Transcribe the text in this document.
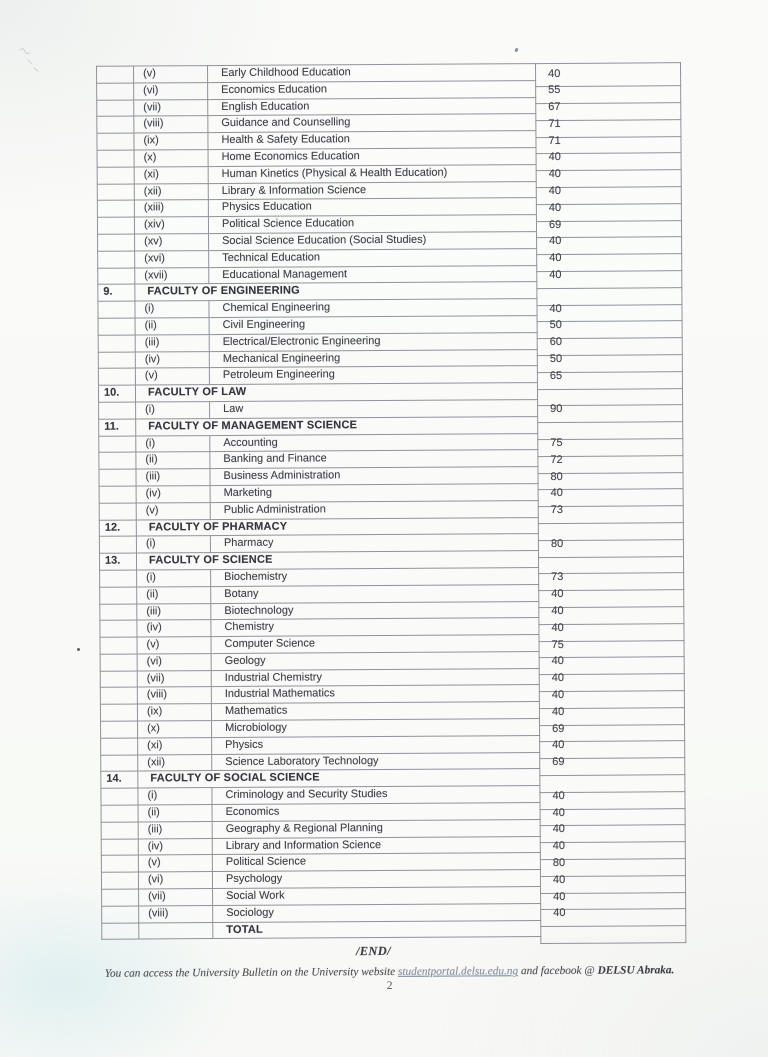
	(v)	Early Childhood Education	40

	(vi)	Economics Education	55

	(vii)	English Education	67

	(viii)	Guidance and Counselling	71

	(ix)	Health & Safety Education	71

	(x)	Home Economics Education	40

	(xi)	Human Kinetics (Physical & Health Education)	40

	(xii)	Library & Information Science	40

	(xiii)	Physics Education	40

	(xiv)	Political Science Education	69

	(xv)	Social Science Education (Social Studies)	40

	(xvi)	Technical Education	40

	(xvii)	Educational Management	40

9.	FACULTY OF ENGINEERING		
	(i)	Chemical Engineering	40

	(ii)	Civil Engineering	50

	(iii)	Electrical/Electronic Engineering	60

	(iv)	Mechanical Engineering	50

	(v)	Petroleum Engineering	65

10.	FACULTY OF LAW		
	(i)	Law	90

11.	FACULTY OF MANAGEMENT SCIENCE		
	(i)	Accounting	75

	(ii)	Banking and Finance	72

	(iii)	Business Administration	80

	(iv)	Marketing	40

	(v)	Public Administration	73

12.	FACULTY OF PHARMACY		
	(i)	Pharmacy	80

13.	FACULTY OF SCIENCE		
	(i)	Biochemistry	73

	(ii)	Botany	40

	(iii)	Biotechnology	40

	(iv)	Chemistry	40

	(v)	Computer Science	75

	(vi)	Geology	40

	(vii)	Industrial Chemistry	40

	(viii)	Industrial Mathematics	40

	(ix)	Mathematics	40

	(x)	Microbiology	69

	(xi)	Physics	40

	(xii)	Science Laboratory Technology	69

14.	FACULTY OF SOCIAL SCIENCE		
	(i)	Criminology and Security Studies	40

	(ii)	Economics	40

	(iii)	Geography & Regional Planning	40

	(iv)	Library and Information Science	40

	(v)	Political Science	80

	(vi)	Psychology	40

	(vii)	Social Work	40

	(viii)	Sociology	40

		TOTAL	
/END/
You can access the University Bulletin on the University website studentportal.delsu.edu.ng and facebook @ DELSU Abraka.
2
